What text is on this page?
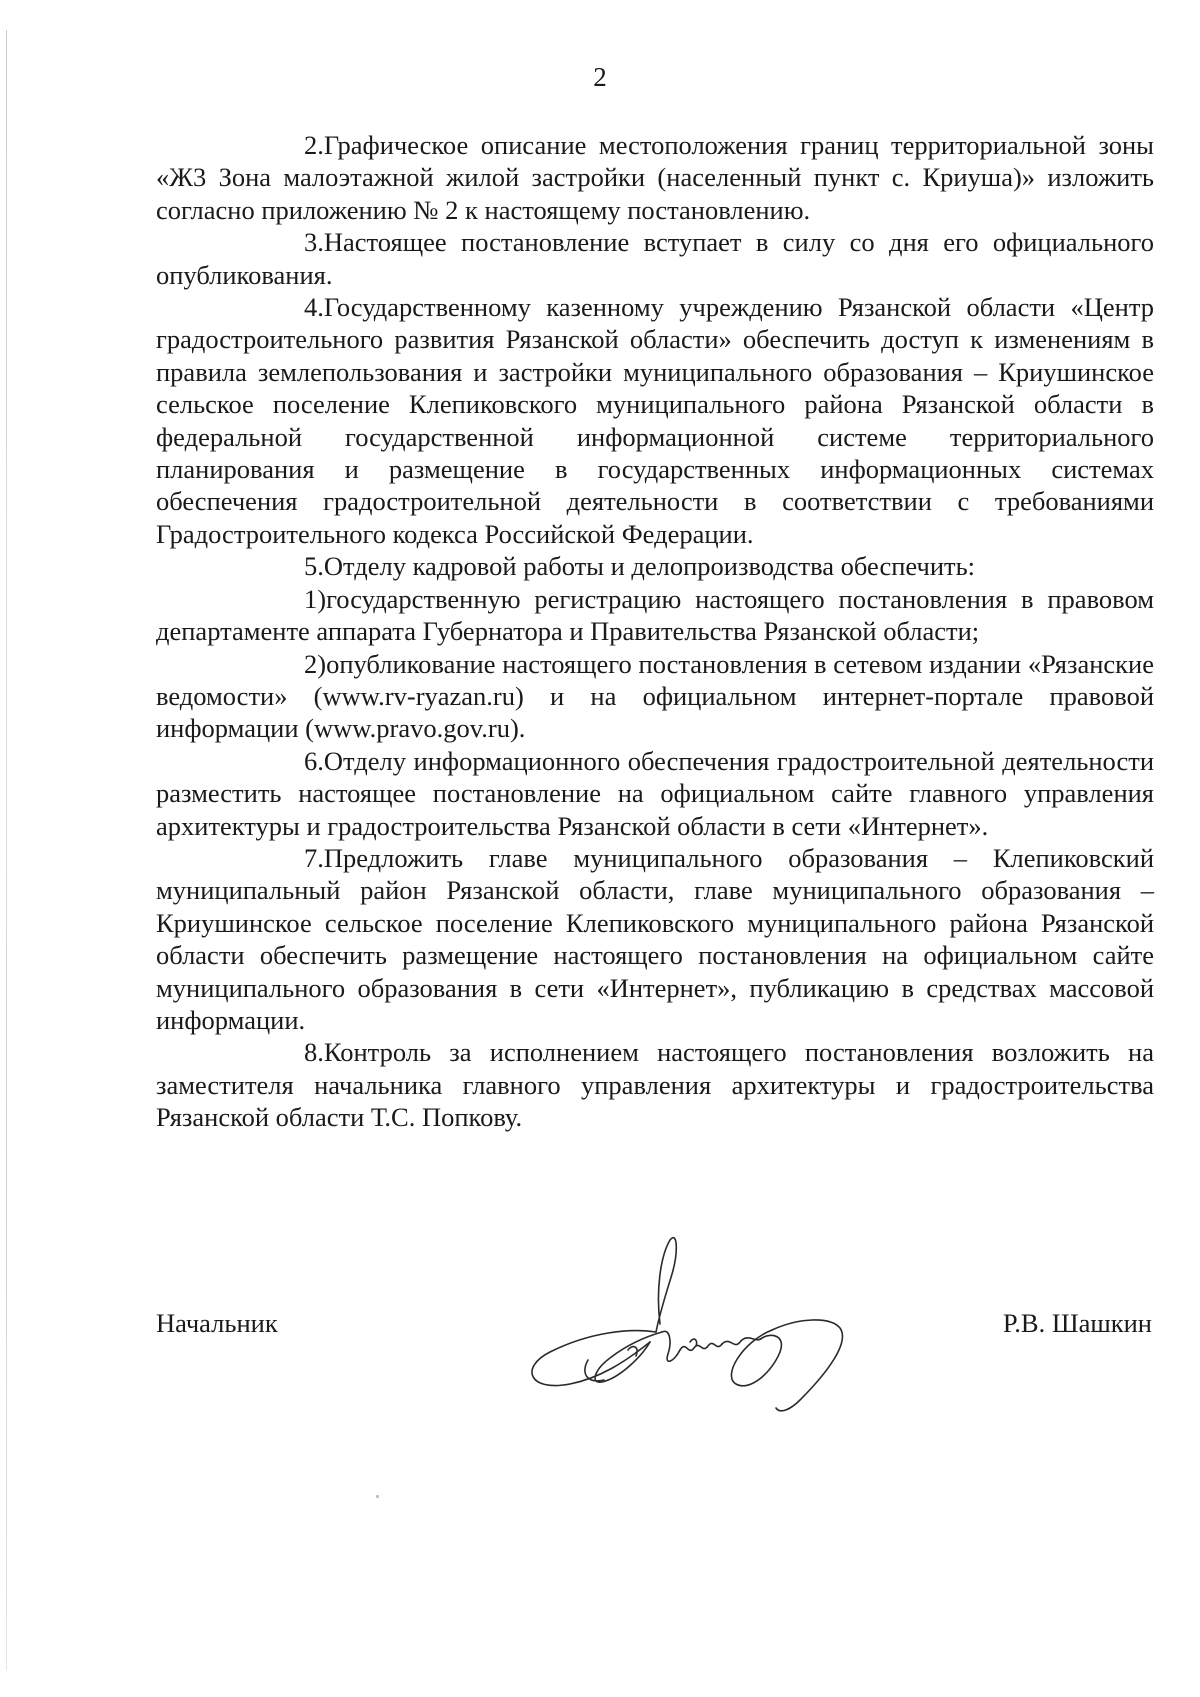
2

2.Графическое описание местоположения границ территориальной зоны «Ж3 Зона малоэтажной жилой застройки (населенный пункт с. Криуша)» изложить согласно приложению № 2 к настоящему постановлению.

3.Настоящее постановление вступает в силу со дня его официального опубликования.

4.Государственному казенному учреждению Рязанской области «Центр градостроительного развития Рязанской области» обеспечить доступ к изменениям в правила землепользования и застройки муниципального образования – Криушинское сельское поселение Клепиковского муниципального района Рязанской области в федеральной государственной информационной системе территориального планирования и размещение в государственных информационных системах обеспечения градостроительной деятельности в соответствии с требованиями Градостроительного кодекса Российской Федерации.

5.Отделу кадровой работы и делопроизводства обеспечить:

1)государственную регистрацию настоящего постановления в правовом департаменте аппарата Губернатора и Правительства Рязанской области;

2)опубликование настоящего постановления в сетевом издании «Рязанские ведомости» (www.rv-ryazan.ru) и на официальном интернет-портале правовой информации (www.pravo.gov.ru).

6.Отделу информационного обеспечения градостроительной деятельности разместить настоящее постановление на официальном сайте главного управления архитектуры и градостроительства Рязанской области в сети «Интернет».

7.Предложить главе муниципального образования – Клепиковский муниципальный район Рязанской области, главе муниципального образования – Криушинское сельское поселение Клепиковского муниципального района Рязанской области обеспечить размещение настоящего постановления на официальном сайте муниципального образования в сети «Интернет», публикацию в средствах массовой информации.

8.Контроль за исполнением настоящего постановления возложить на заместителя начальника главного управления архитектуры и градостроительства Рязанской области Т.С. Попкову.

Начальник	Р.В. Шашкин
